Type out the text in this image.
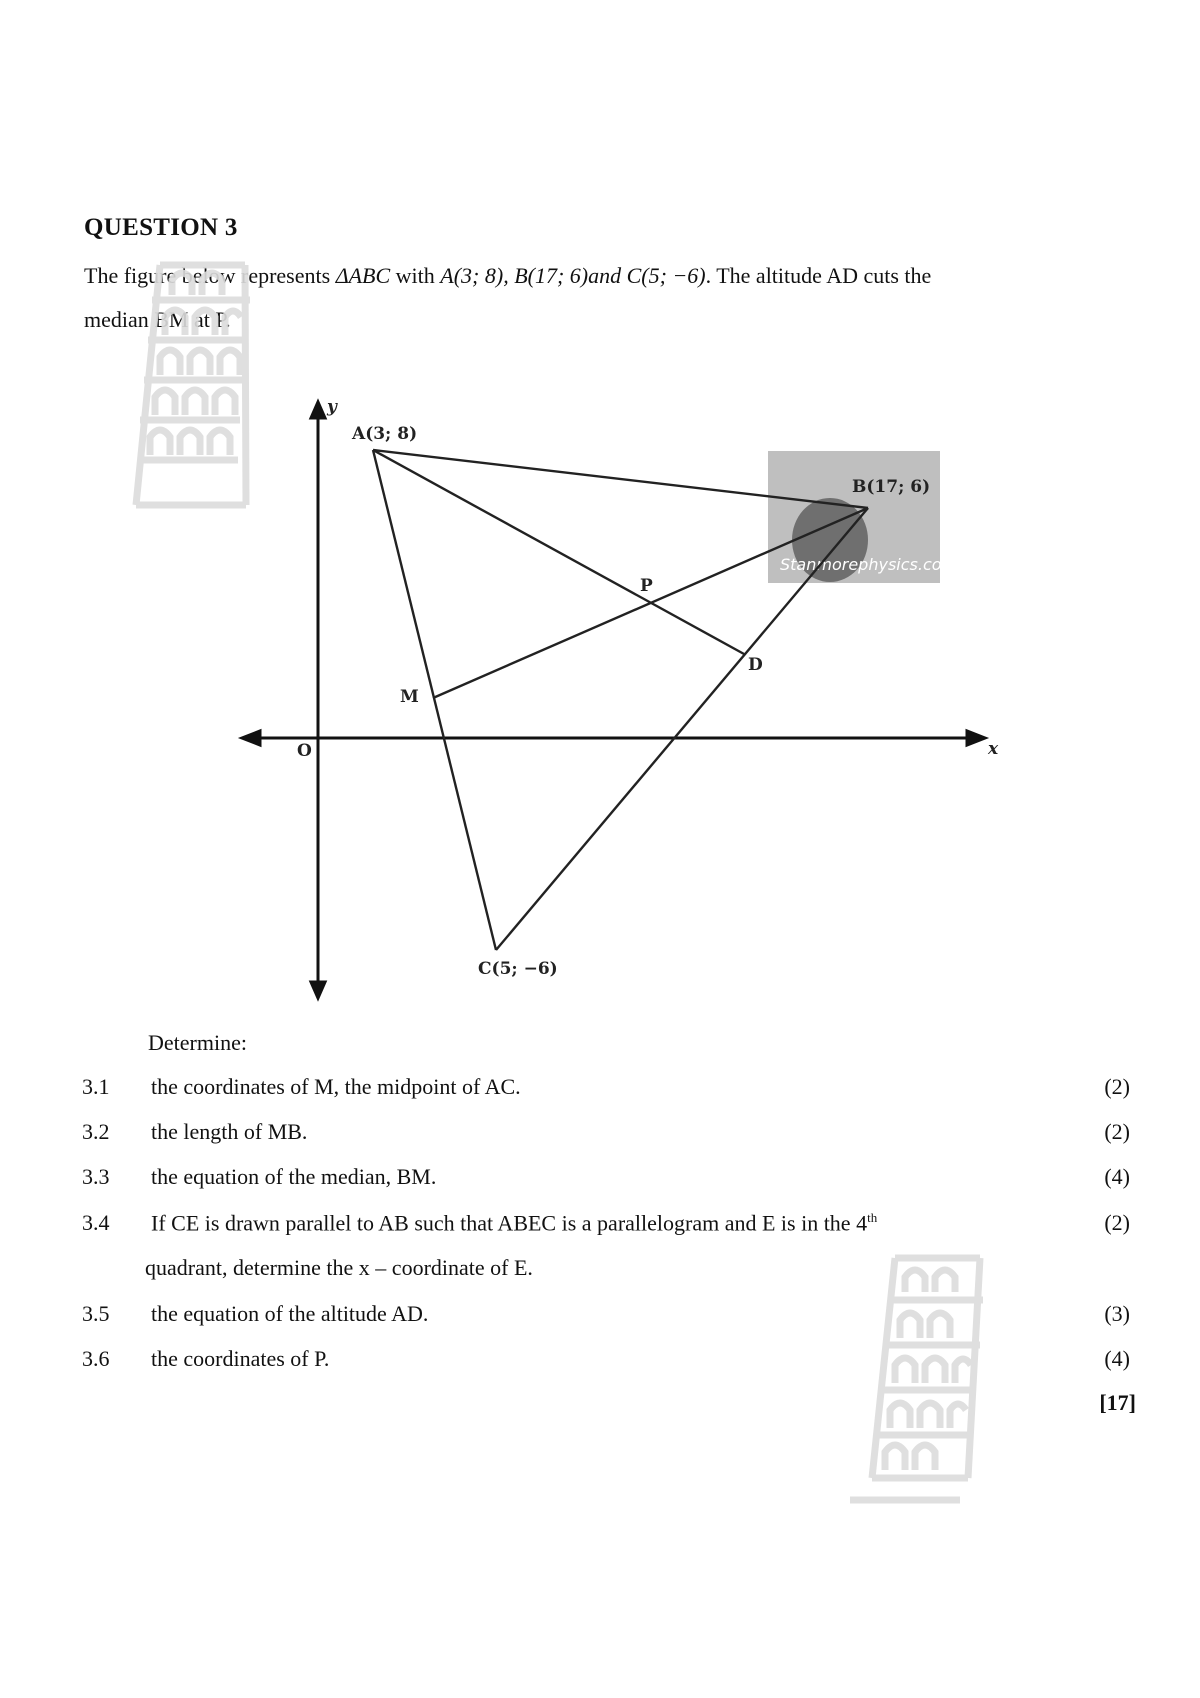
QUESTION 3
The figure below represents ΔABC with A(3; 8), B(17; 6)and C(5; −6). The altitude AD cuts the
median BM at P.
Stanmorephysics.com
A(3; 8)
B(17; 6)
C(5; −6)
P
D
M
O	x
y
Determine:
3.1 the coordinates of M, the midpoint of AC.	(2)
3.2 the length of MB.	(2)
3.3 the equation of the median, BM.	(4)
3.4 If CE is drawn parallel to AB such that ABEC is a parallelogram and E is in the 4th	(2)
quadrant, determine the x – coordinate of E.
3.5 the equation of the altitude AD.	(3)
3.6 the coordinates of P.	(4)
[17]
